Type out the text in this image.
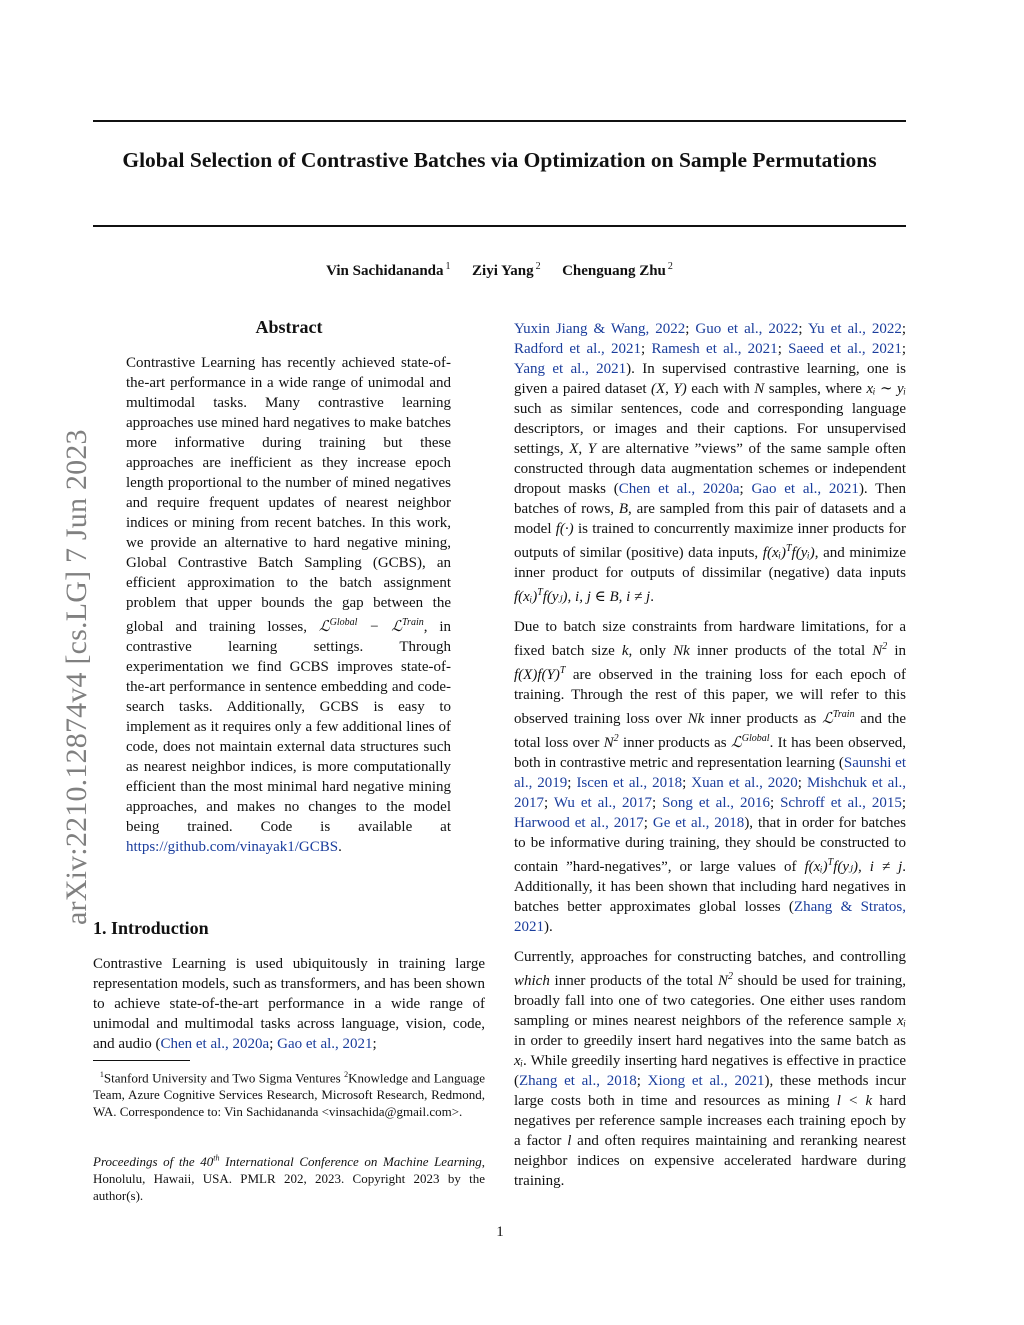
arXiv:2210.12874v4 [cs.LG] 7 Jun 2023
Global Selection of Contrastive Batches via Optimization on Sample Permutations
Vin Sachidananda $^1$ Ziyi Yang $^2$ Chenguang Zhu $^2$
Abstract
Contrastive Learning has recently achieved state-of-the-art performance in a wide range of unimodal and multimodal tasks. Many contrastive learning approaches use mined hard negatives to make batches more informative during training but these approaches are inefficient as they increase epoch length proportional to the number of mined negatives and require frequent updates of nearest neighbor indices or mining from recent batches. In this work, we provide an alternative to hard negative mining, Global Contrastive Batch Sampling (GCBS), an efficient approximation to the batch assignment problem that upper bounds the gap between the global and training losses, ℒ$^{Global}$ − ℒ$^{Train}$, in contrastive learning settings. Through experimentation we find GCBS improves state-of-the-art performance in sentence embedding and code-search tasks. Additionally, GCBS is easy to implement as it requires only a few additional lines of code, does not maintain external data structures such as nearest neighbor indices, is more computationally efficient than the most minimal hard negative mining approaches, and makes no changes to the model being trained. Code is available at https://github.com/vinayak1/GCBS.
1. Introduction
Contrastive Learning is used ubiquitously in training large representation models, such as transformers, and has been shown to achieve state-of-the-art performance in a wide range of unimodal and multimodal tasks across language, vision, code, and audio (Chen et al., 2020a; Gao et al., 2021;
$^1$Stanford University and Two Sigma Ventures $^2$Knowledge and Language Team, Azure Cognitive Services Research, Microsoft Research, Redmond, WA. Correspondence to: Vin Sachidananda <vinsachida@gmail.com>.
Proceedings of the 40th International Conference on Machine Learning, Honolulu, Hawaii, USA. PMLR 202, 2023. Copyright 2023 by the author(s).

Yuxin Jiang & Wang, 2022; Guo et al., 2022; Yu et al., 2022; Radford et al., 2021; Ramesh et al., 2021; Saeed et al., 2021; Yang et al., 2021). In supervised contrastive learning, one is given a paired dataset (X, Y) each with N samples, where xᵢ ∼ yᵢ such as similar sentences, code and corresponding language descriptors, or images and their captions. For unsupervised settings, X, Y are alternative ”views” of the same sample often constructed through data augmentation schemes or independent dropout masks (Chen et al., 2020a; Gao et al., 2021). Then batches of rows, B, are sampled from this pair of datasets and a model f(·) is trained to concurrently maximize inner products for outputs of similar (positive) data inputs, f(xᵢ)$^T$f(yᵢ), and minimize inner product for outputs of dissimilar (negative) data inputs f(xᵢ)$^T$f(yⱼ), i, j ∈ B, i ≠ j.

Due to batch size constraints from hardware limitations, for a fixed batch size k, only Nk inner products of the total $N^2$ in $f(X)f(Y)^T$ are observed in the training loss for each epoch of training. Through the rest of this paper, we will refer to this observed training loss over Nk inner products as ℒ$^{Train}$ and the total loss over $N^2$ inner products as ℒ$^{Global}$. It has been observed, both in contrastive metric and representation learning (Saunshi et al., 2019; Iscen et al., 2018; Xuan et al., 2020; Mishchuk et al., 2017; Wu et al., 2017; Song et al., 2016; Schroff et al., 2015; Harwood et al., 2017; Ge et al., 2018), that in order for batches to be informative during training, they should be constructed to contain ”hard-negatives”, or large values of f(xᵢ)$^T$f(yⱼ), i ≠ j. Additionally, it has been shown that including hard negatives in batches better approximates global losses (Zhang & Stratos, 2021).

Currently, approaches for constructing batches, and controlling which inner products of the total $N^2$ should be used for training, broadly fall into one of two categories. One either uses random sampling or mines nearest neighbors of the reference sample xᵢ in order to greedily insert hard negatives into the same batch as xᵢ. While greedily inserting hard negatives is effective in practice (Zhang et al., 2018; Xiong et al., 2021), these methods incur large costs both in time and resources as mining l < k hard negatives per reference sample increases each training epoch by a factor l and often requires maintaining and reranking nearest neighbor indices on expensive accelerated hardware during training.

1
